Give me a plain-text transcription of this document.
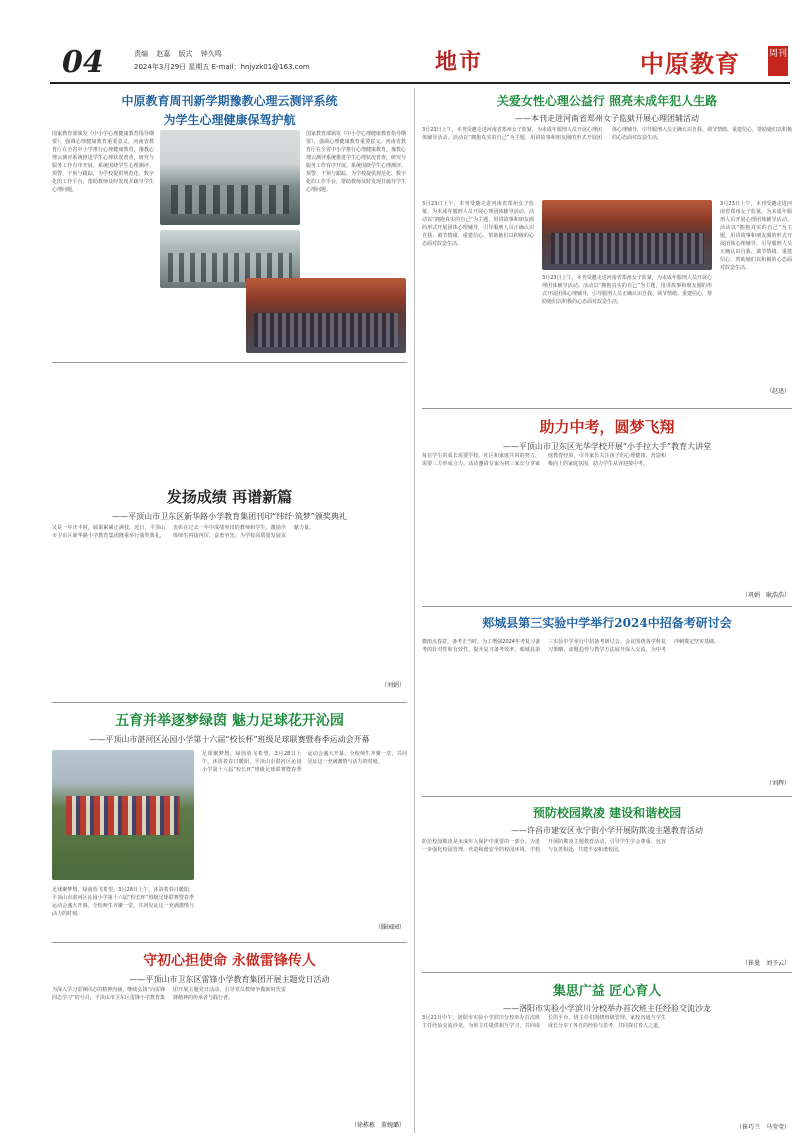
04	责编 赵嘉 版式 钟久鸣
2024年3月29日 星期五 E-mail：hnjyzk01@163.com	地市	中原教育	周刊
中原教育周刊新学期豫教心理云测评系统
为学生心理健康保驾护航
国家教育部颁发《中小学心理健康教育指导纲要》，强调心理健康教育重要意义。河南省教育厅在全省中小学推行心理健康教育，豫教心理云测评系统推进学生心理状况普查，研究与服务工作有序开展。系统围绕学生心理测评、预警、干预与跟踪，为学校提供规范化、数字化的工作平台，帮助教师及时发现并疏导学生心理问题。
国家教育部颁发《中小学心理健康教育指导纲要》，强调心理健康教育重要意义。河南省教育厅在全省中小学推行心理健康教育，豫教心理云测评系统推进学生心理状况普查，研究与服务工作有序开展。系统围绕学生心理测评、预警、干预与跟踪，为学校提供规范化、数字化的工作平台，帮助教师及时发现并疏导学生心理问题。
发扬成绩 再谱新篇
——平顶山市卫东区新华路小学教育集团刊印“纬纤·筑梦”颁奖典礼
又是一年庆丰时，硕果累累正满枝。近日，平顶山市卫东区新华路小学教育集团隆重举行颁奖典礼，表彰在过去一年中成绩突出的教师和学生，激励全体师生再接再厉，奋勇争先，为学校高质量发展贡献力量。
（刘娟）
五育并举逐梦绿茵 魅力足球花开沁园
——平顶山市湛河区沁园小学第十六届“校长杯”班级足球联赛暨春季运动会开幕
足球聚梦想，绿茵放飞希望。3月28日上午，沐浴着春日暖阳，平顶山市湛河区沁园小学第十六届“校长杯”班级足球联赛暨春季运动会盛大开幕。全校师生齐聚一堂，共同见证这一充满激情与活力的时刻。
足球聚梦想，绿茵放飞希望。3月28日上午，沐浴着春日暖阳，平顶山市湛河区沁园小学第十六届“校长杯”班级足球联赛暨春季运动会盛大开幕。全校师生齐聚一堂，共同见证这一充满激情与活力的时刻。
（滕园园）
守初心担使命 永做雷锋传人
——平顶山市卫东区雷锋小学教育集团开展主题党日活动
为深入学习雷锋同志的精神内涵，继续弘扬“向雷锋同志学习”的号召，平顶山市卫东区雷锋小学教育集团开展主题党日活动，引导党员教师争做新时代雷锋精神的传承者与践行者。
（徐栋栋　董婉璐）
关爱女性心理公益行 照亮未成年犯人生路
——本刊走进河南省郑州女子监狱开展心理团辅活动
3月23日上午，本刊受邀走进河南省郑州女子监狱，为未成年服刑人员开展心理团体辅导活动。活动以“拥抱真实的自己”为主题，用讲故事和朋友圈的形式开展团体心理辅导，引导服刑人员正确认识自我、调节情绪、重建信心，帮助她们以积极的心态面对改造生活。
3月23日上午，本刊受邀走进河南省郑州女子监狱，为未成年服刑人员开展心理团体辅导活动。活动以“拥抱真实的自己”为主题，用讲故事和朋友圈的形式开展团体心理辅导，引导服刑人员正确认识自我、调节情绪、重建信心，帮助她们以积极的心态面对改造生活。
3月23日上午，本刊受邀走进河南省郑州女子监狱，为未成年服刑人员开展心理团体辅导活动。活动以“拥抱真实的自己”为主题，用讲故事和朋友圈的形式开展团体心理辅导，引导服刑人员正确认识自我、调节情绪、重建信心，帮助她们以积极的心态面对改造生活。
3月23日上午，本刊受邀走进河南省郑州女子监狱，为未成年服刑人员开展心理团体辅导活动。活动以“拥抱真实的自己”为主题，用讲故事和朋友圈的形式开展团体心理辅导，引导服刑人员正确认识自我、调节情绪、重建信心，帮助她们以积极的心态面对改造生活。
（赵迅）
助力中考，圆梦飞翔
——平顶山市卫东区光华学校开展“小手拉大手”教育大讲堂
每位学生的成长需要学校、社区和家庭共同的努力，需要三方形成合力。活动邀请专家为初三家长分享家庭教育经验，引导家长关注孩子的心理健康，营造积极向上的家庭氛围，助力学生从容迎接中考。
（巩娟　耿浩浩）
郏城县第三实验中学举行2024中招备考研讨会
微雨点春意，备考正当时。为了增强2024年考复习备考的针对性和有效性，提升复习备考效率，郏城县第三实验中学举行中招备考研讨会。会议围绕各学科复习策略、命题趋势与教学方法展开深入交流，为中考冲刺奠定坚实基础。
（刘辉）
预防校园欺凌 建设和谐校园
——许昌市建安区永宁街小学开展防欺凌主题教育活动
防范校园欺凌是未成年人保护中重要的一部分。为进一步强化校园管理，营造和谐安全的校园环境，学校开展防欺凌主题教育活动，引导学生学会尊重、包容与友善相处，共建平安和谐校园。
（崔曼　刘予云）
集思广益 匠心育人
——洛阳市实验小学滨川分校举办首次班主任经验交流沙龙
3月21日中午，洛阳市实验小学滨川分校举办首次班主任经验交流沙龙，为班主任提供相互学习、共同成长的平台。班主任们围绕班级管理、家校沟通与学生成长分享了各自的经验与思考，共同探讨育人之道。
（崔巧兰　马莹莹）
